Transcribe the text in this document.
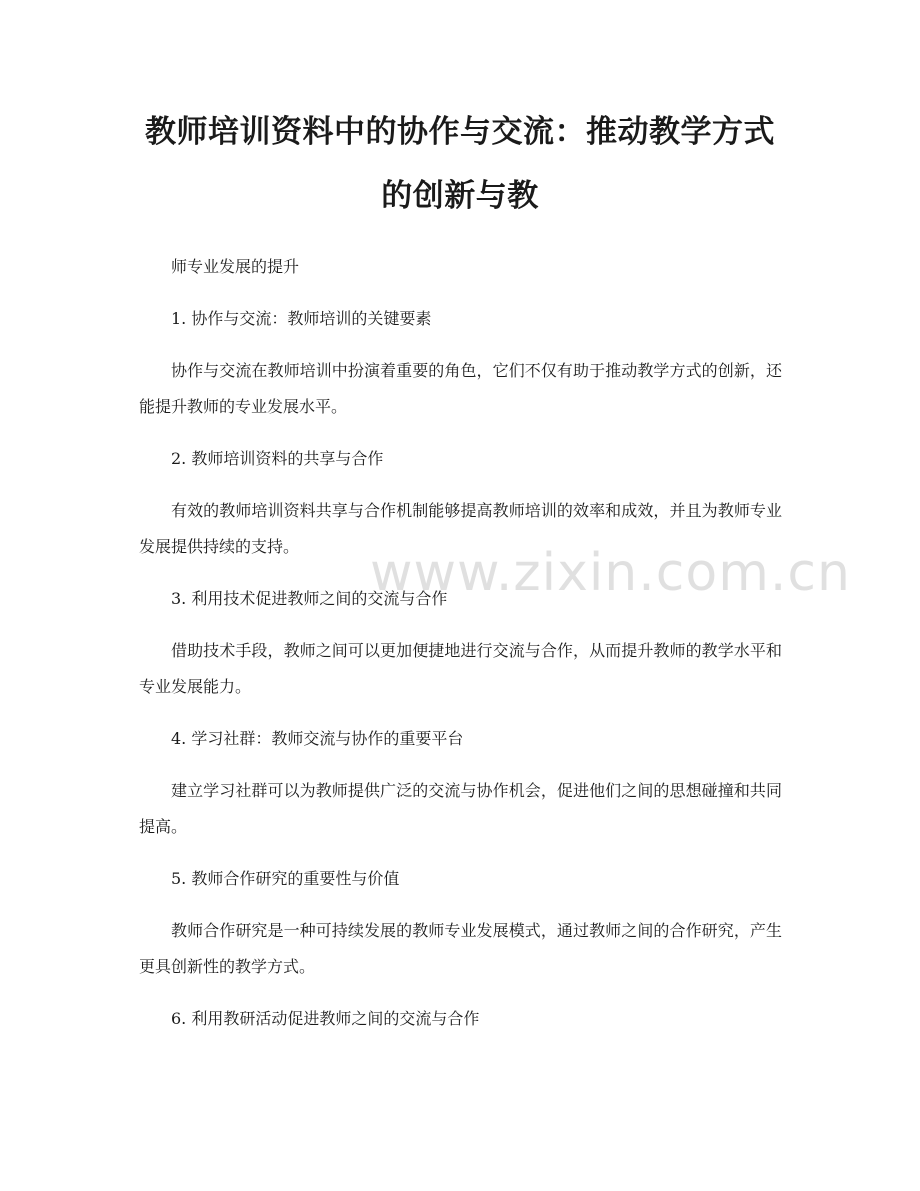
教师培训资料中的协作与交流：推动教学方式的创新与教

师专业发展的提升

1. 协作与交流：教师培训的关键要素

协作与交流在教师培训中扮演着重要的角色，它们不仅有助于推动教学方式的创新，还能提升教师的专业发展水平。

2. 教师培训资料的共享与合作

有效的教师培训资料共享与合作机制能够提高教师培训的效率和成效，并且为教师专业发展提供持续的支持。

3. 利用技术促进教师之间的交流与合作

借助技术手段，教师之间可以更加便捷地进行交流与合作，从而提升教师的教学水平和专业发展能力。

4. 学习社群：教师交流与协作的重要平台

建立学习社群可以为教师提供广泛的交流与协作机会，促进他们之间的思想碰撞和共同提高。

5. 教师合作研究的重要性与价值

教师合作研究是一种可持续发展的教师专业发展模式，通过教师之间的合作研究，产生更具创新性的教学方式。

6. 利用教研活动促进教师之间的交流与合作

www.zixin.com.cn
